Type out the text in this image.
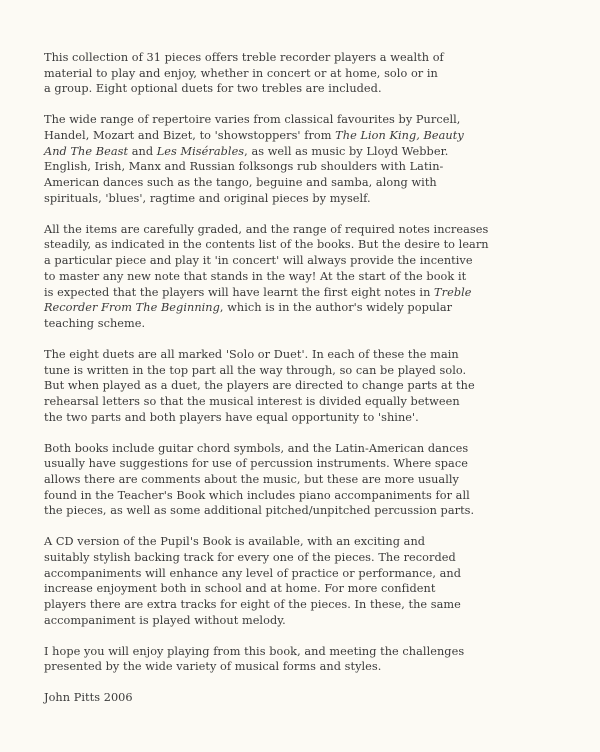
This collection of 31 pieces offers treble recorder players a wealth of
material to play and enjoy, whether in concert or at home, solo or in
a group. Eight optional duets for two trebles are included.

The wide range of repertoire varies from classical favourites by Purcell,
Handel, Mozart and Bizet, to 'showstoppers' from The Lion King, Beauty
And The Beast and Les Misérables, as well as music by Lloyd Webber.
English, Irish, Manx and Russian folksongs rub shoulders with Latin-
American dances such as the tango, beguine and samba, along with
spirituals, 'blues', ragtime and original pieces by myself.

All the items are carefully graded, and the range of required notes increases
steadily, as indicated in the contents list of the books. But the desire to learn
a particular piece and play it 'in concert' will always provide the incentive
to master any new note that stands in the way! At the start of the book it
is expected that the players will have learnt the first eight notes in Treble
Recorder From The Beginning, which is in the author's widely popular
teaching scheme.

The eight duets are all marked 'Solo or Duet'. In each of these the main
tune is written in the top part all the way through, so can be played solo.
But when played as a duet, the players are directed to change parts at the
rehearsal letters so that the musical interest is divided equally between
the two parts and both players have equal opportunity to 'shine'.

Both books include guitar chord symbols, and the Latin-American dances
usually have suggestions for use of percussion instruments. Where space
allows there are comments about the music, but these are more usually
found in the Teacher's Book which includes piano accompaniments for all
the pieces, as well as some additional pitched/unpitched percussion parts.

A CD version of the Pupil's Book is available, with an exciting and
suitably stylish backing track for every one of the pieces. The recorded
accompaniments will enhance any level of practice or performance, and
increase enjoyment both in school and at home. For more confident
players there are extra tracks for eight of the pieces. In these, the same
accompaniment is played without melody.

I hope you will enjoy playing from this book, and meeting the challenges
presented by the wide variety of musical forms and styles.

John Pitts 2006
